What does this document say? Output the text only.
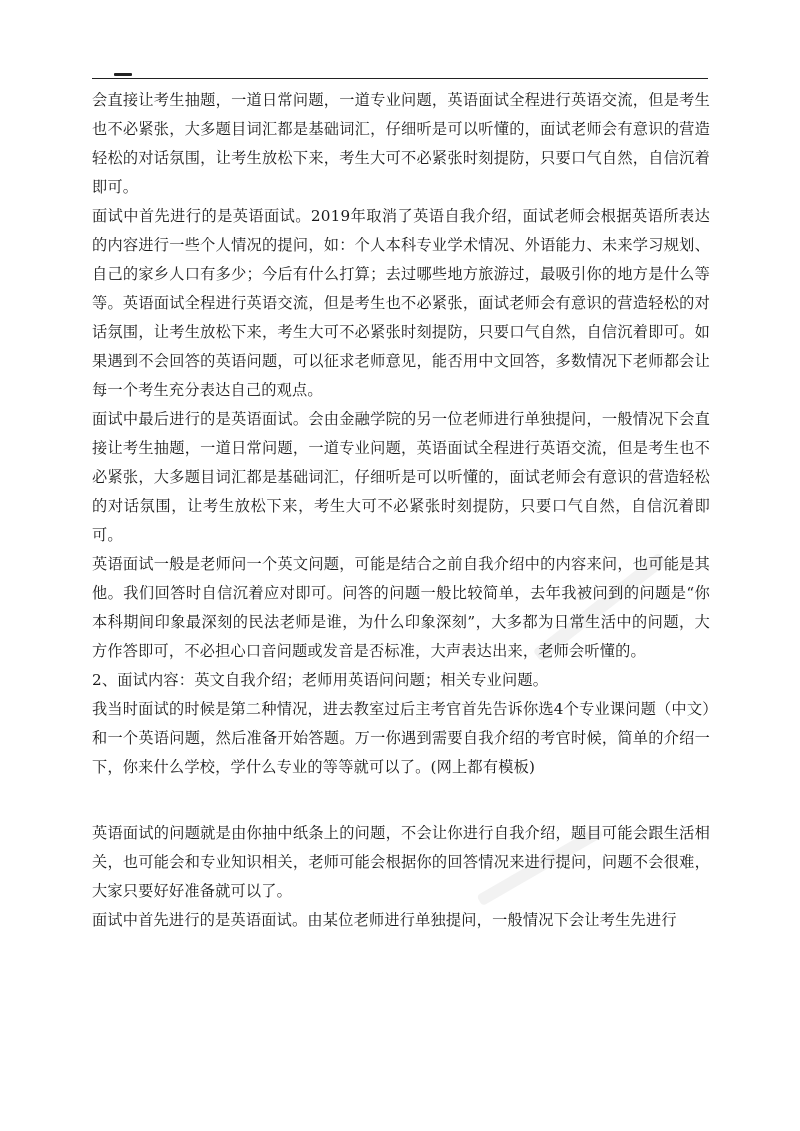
会直接让考生抽题，一道日常问题，一道专业问题，英语面试全程进行英语交流，但是考生也不必紧张，大多题目词汇都是基础词汇，仔细听是可以听懂的，面试老师会有意识的营造轻松的对话氛围，让考生放松下来，考生大可不必紧张时刻提防，只要口气自然，自信沉着即可。

面试中首先进行的是英语面试。2019年取消了英语自我介绍，面试老师会根据英语所表达的内容进行一些个人情况的提问，如：个人本科专业学术情况、外语能力、未来学习规划、自己的家乡人口有多少；今后有什么打算；去过哪些地方旅游过，最吸引你的地方是什么等等。英语面试全程进行英语交流，但是考生也不必紧张，面试老师会有意识的营造轻松的对话氛围，让考生放松下来，考生大可不必紧张时刻提防，只要口气自然，自信沉着即可。如果遇到不会回答的英语问题，可以征求老师意见，能否用中文回答，多数情况下老师都会让每一个考生充分表达自己的观点。

面试中最后进行的是英语面试。会由金融学院的另一位老师进行单独提问，一般情况下会直接让考生抽题，一道日常问题，一道专业问题，英语面试全程进行英语交流，但是考生也不必紧张，大多题目词汇都是基础词汇，仔细听是可以听懂的，面试老师会有意识的营造轻松的对话氛围，让考生放松下来，考生大可不必紧张时刻提防，只要口气自然，自信沉着即可。

英语面试一般是老师问一个英文问题，可能是结合之前自我介绍中的内容来问，也可能是其他。我们回答时自信沉着应对即可。问答的问题一般比较简单，去年我被问到的问题是“你本科期间印象最深刻的民法老师是谁，为什么印象深刻”，大多都为日常生活中的问题，大方作答即可，不必担心口音问题或发音是否标准，大声表达出来，老师会听懂的。

2、面试内容：英文自我介绍；老师用英语问问题；相关专业问题。

我当时面试的时候是第二种情况，进去教室过后主考官首先告诉你选4个专业课问题（中文）和一个英语问题，然后准备开始答题。万一你遇到需要自我介绍的考官时候，简单的介绍一下，你来什么学校，学什么专业的等等就可以了。(网上都有模板)

英语面试的问题就是由你抽中纸条上的问题，不会让你进行自我介绍，题目可能会跟生活相关，也可能会和专业知识相关，老师可能会根据你的回答情况来进行提问，问题不会很难，大家只要好好准备就可以了。

面试中首先进行的是英语面试。由某位老师进行单独提问，一般情况下会让考生先进行
